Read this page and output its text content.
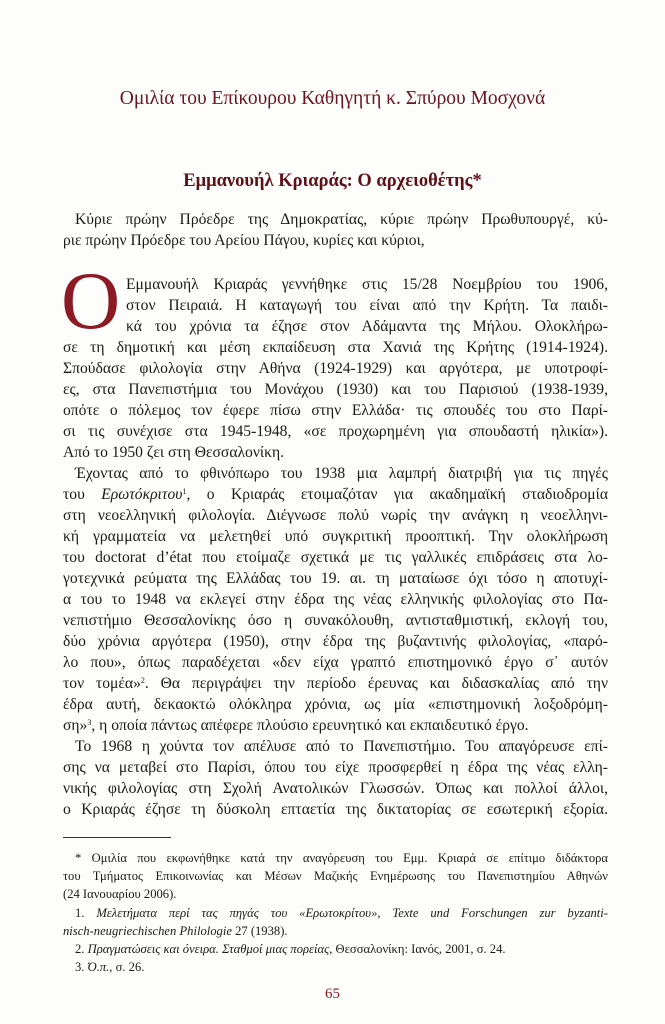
Ομιλία του Επίκουρου Καθηγητή κ. Σπύρου Μοσχονά
Εμμανουήλ Κριαράς: Ο αρχειοθέτης*
Κύριε πρώην Πρόεδρε της Δημοκρατίας, κύριε πρώην Πρωθυπουργέ, κύ-
ριε πρώην Πρόεδρε του Αρείου Πάγου, κυρίες και κύριοι,
Ο Εμμανουήλ Κριαράς γεννήθηκε στις 15/28 Νοεμβρίου του 1906,
στον Πειραιά. Η καταγωγή του είναι από την Κρήτη. Τα παιδι-
κά του χρόνια τα έζησε στον Αδάμαντα της Μήλου. Ολοκλήρω-
σε τη δημοτική και μέση εκπαίδευση στα Χανιά της Κρήτης (1914-1924).
Σπούδασε φιλολογία στην Αθήνα (1924-1929) και αργότερα, με υποτροφί-
ες, στα Πανεπιστήμια του Μονάχου (1930) και του Παρισιού (1938-1939,
οπότε ο πόλεμος τον έφερε πίσω στην Ελλάδα· τις σπουδές του στο Παρί-
σι τις συνέχισε στα 1945-1948, «σε προχωρημένη για σπουδαστή ηλικία»).
Από το 1950 ζει στη Θεσσαλονίκη.
Έχοντας από το φθινόπωρο του 1938 μια λαμπρή διατριβή για τις πηγές
του Ερωτόκριτου$^1$, ο Κριαράς ετοιμαζόταν για ακαδημαϊκή σταδιοδρομία
στη νεοελληνική φιλολογία. Διέγνωσε πολύ νωρίς την ανάγκη η νεοελληνι-
κή γραμματεία να μελετηθεί υπό συγκριτική προοπτική. Την ολοκλήρωση
του doctorat d’état που ετοίμαζε σχετικά με τις γαλλικές επιδράσεις στα λο-
γοτεχνικά ρεύματα της Ελλάδας του 19. αι. τη ματαίωσε όχι τόσο η αποτυχί-
α του το 1948 να εκλεγεί στην έδρα της νέας ελληνικής φιλολογίας στο Πα-
νεπιστήμιο Θεσσαλονίκης όσο η συνακόλουθη, αντισταθμιστική, εκλογή του,
δύο χρόνια αργότερα (1950), στην έδρα της βυζαντινής φιλολογίας, «παρό-
λο που», όπως παραδέχεται «δεν είχα γραπτό επιστημονικό έργο σ᾽ αυτόν
τον τομέα»$^2$. Θα περιγράψει την περίοδο έρευνας και διδασκαλίας από την
έδρα αυτή, δεκαοκτώ ολόκληρα χρόνια, ως μία «επιστημονική λοξοδρόμη-
ση»$^3$, η οποία πάντως απέφερε πλούσιο ερευνητικό και εκπαιδευτικό έργο.
Το 1968 η χούντα τον απέλυσε από το Πανεπιστήμιο. Του απαγόρευσε επί-
σης να μεταβεί στο Παρίσι, όπου του είχε προσφερθεί η έδρα της νέας ελλη-
νικής φιλολογίας στη Σχολή Ανατολικών Γλωσσών. Όπως και πολλοί άλλοι,
ο Κριαράς έζησε τη δύσκολη επταετία της δικτατορίας σε εσωτερική εξορία.
* Ομιλία που εκφωνήθηκε κατά την αναγόρευση του Εμμ. Κριαρά σε επίτιμο διδάκτορα
του Τμήματος Επικοινωνίας και Μέσων Μαζικής Ενημέρωσης του Πανεπιστημίου Αθηνών
(24 Ιανουαρίου 2006).
1. Μελετήματα περί τας πηγάς του «Ερωτοκρίτου», Texte und Forschungen zur byzanti-
nisch-neugriechischen Philologie 27 (1938).
2. Πραγματώσεις και όνειρα. Σταθμοί μιας πορείας, Θεσσαλονίκη: Ιανός, 2001, σ. 24.
3. Ό.π., σ. 26.
65
